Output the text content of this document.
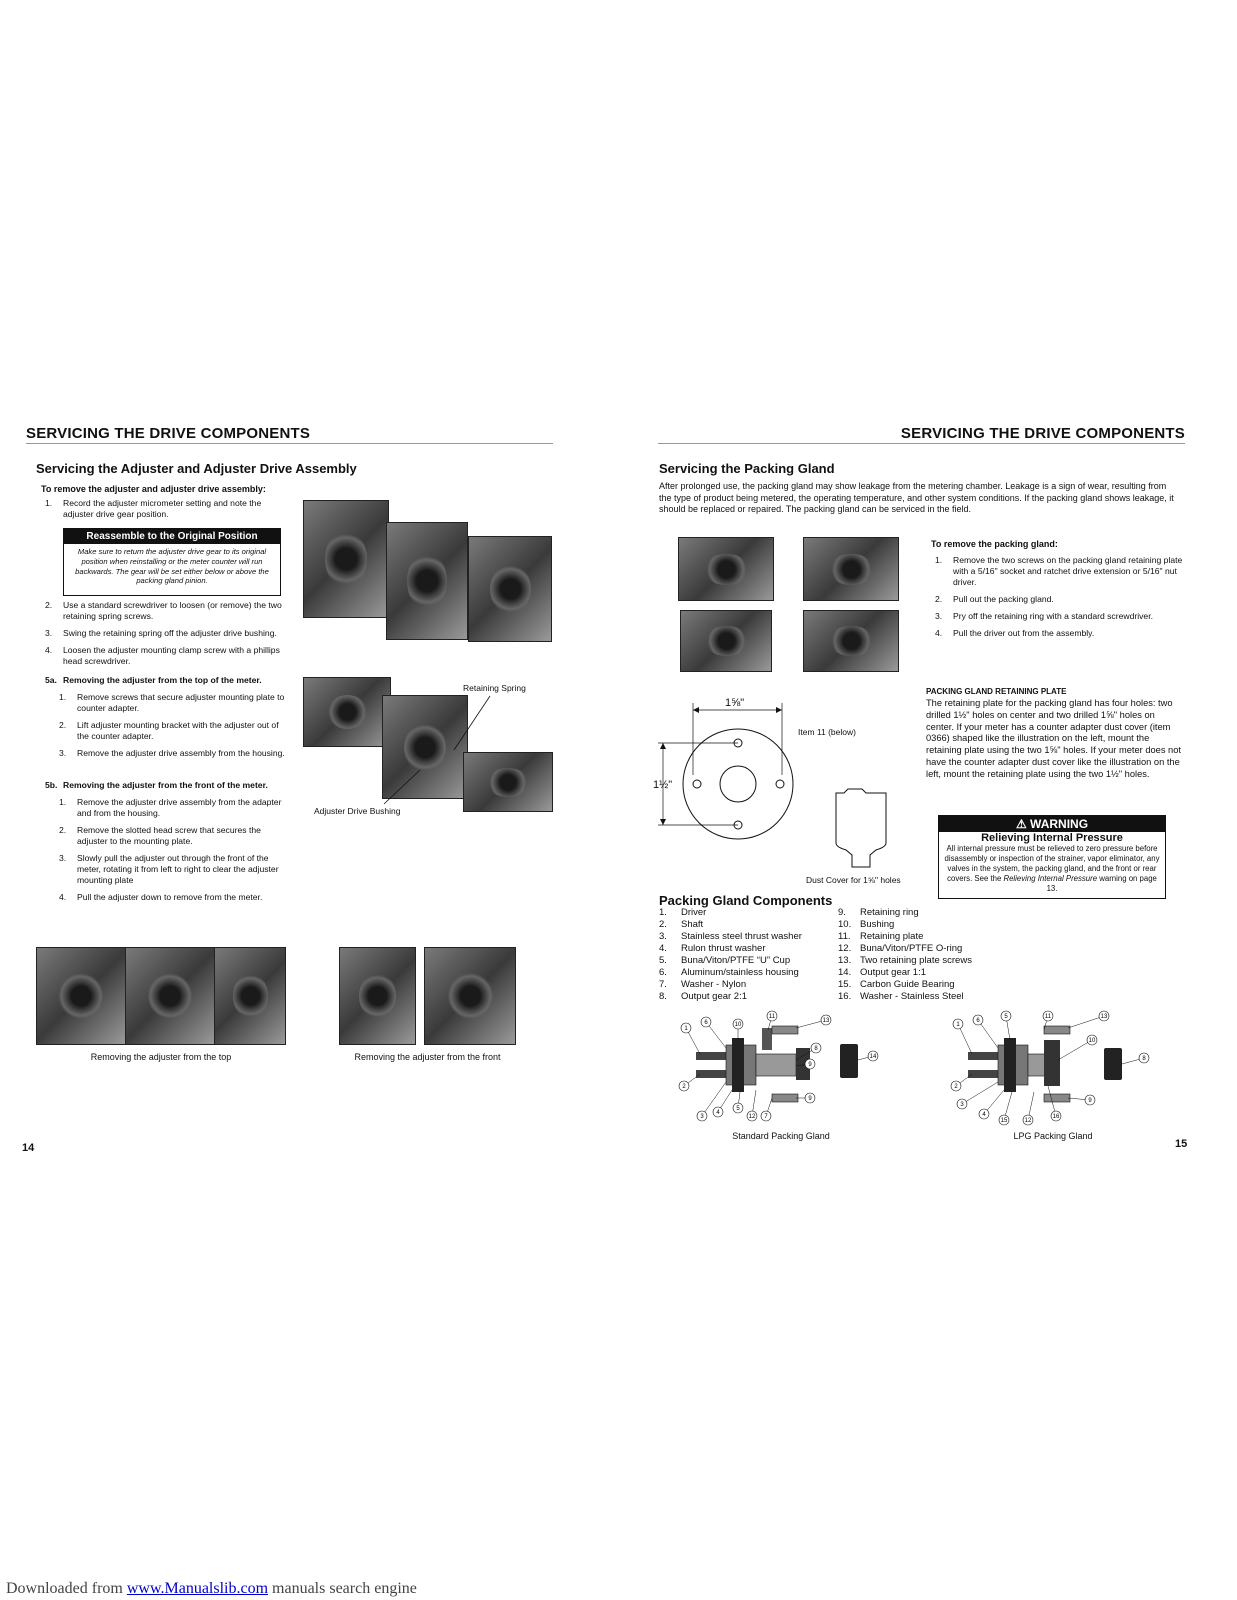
SERVICING THE DRIVE COMPONENTS
Servicing the Adjuster and Adjuster Drive Assembly
To remove the adjuster and adjuster drive assembly:
1. Record the adjuster micrometer setting and note the adjuster drive gear position.
Reassemble to the Original Position
Make sure to return the adjuster drive gear to its original position when reinstalling or the meter counter will run backwards. The gear will be set either below or above the packing gland pinion.
2. Use a standard screwdriver to loosen (or remove) the two retaining spring screws.
3. Swing the retaining spring off the adjuster drive bushing.
4. Loosen the adjuster mounting clamp screw with a phillips head screwdriver.
5a. Removing the adjuster from the top of the meter.
1. Remove screws that secure adjuster mounting plate to counter adapter.
2. Lift adjuster mounting bracket with the adjuster out of the counter adapter.
3. Remove the adjuster drive assembly from the housing.
5b. Removing the adjuster from the front of the meter.
1. Remove the adjuster drive assembly from the adapter and from the housing.
2. Remove the slotted head screw that secures the adjuster to the mounting plate.
3. Slowly pull the adjuster out through the front of the meter, rotating it from left to right to clear the adjuster mounting plate
4. Pull the adjuster down to remove from the meter.
Retaining Spring
Adjuster Drive Bushing
Removing the adjuster from the top	Removing the adjuster from the front
14
SERVICING THE DRIVE COMPONENTS
Servicing the Packing Gland
After prolonged use, the packing gland may show leakage from the metering chamber. Leakage is a sign of wear, resulting from the type of product being metered, the operating temperature, and other system conditions. If the packing gland shows leakage, it should be replaced or repaired. The packing gland can be serviced in the field.
To remove the packing gland:
1. Remove the two screws on the packing gland retaining plate with a 5/16" socket and ratchet drive extension or 5/16" nut driver.
2. Pull out the packing gland.
3. Pry off the retaining ring with a standard screwdriver.
4. Pull the driver out from the assembly.
1⅝"
1½"
Item 11 (below)
Dust Cover for 1⅝" holes
PACKING GLAND RETAINING PLATE
The retaining plate for the packing gland has four holes: two drilled 1½" holes on center and two drilled 1⅝" holes on center. If your meter has a counter adapter dust cover (item 0366) shaped like the illustration on the left, mount the retaining plate using the two 1⅝" holes. If your meter does not have the counter adapter dust cover like the illustration on the left, mount the retaining plate using the two 1½" holes.
⚠ WARNING
Relieving Internal Pressure
All internal pressure must be relieved to zero pressure before disassembly or inspection of the strainer, vapor eliminator, any valves in the system, the packing gland, and the front or rear covers. See the Relieving Internal Pressure warning on page 13.
Packing Gland Components
1. Driver
2. Shaft
3. Stainless steel thrust washer
4. Rulon thrust washer
5. Buna/Viton/PTFE “U” Cup
6. Aluminum/stainless housing
7. Washer - Nylon
8. Output gear 2:1
9. Retaining ring
10. Bushing
11. Retaining plate
12. Buna/Viton/PTFE O-ring
13. Two retaining plate screws
14. Output gear 1:1
15. Carbon Guide Bearing
16. Washer - Stainless Steel
1
6	10
11
13
8
14
9
2
3
4
5
12 7
9
Standard Packing Gland
1
6
5	11	13
10
8
2
3
4
15	12
16
9
LPG Packing Gland
15
Downloaded from www.Manualslib.com manuals search engine
